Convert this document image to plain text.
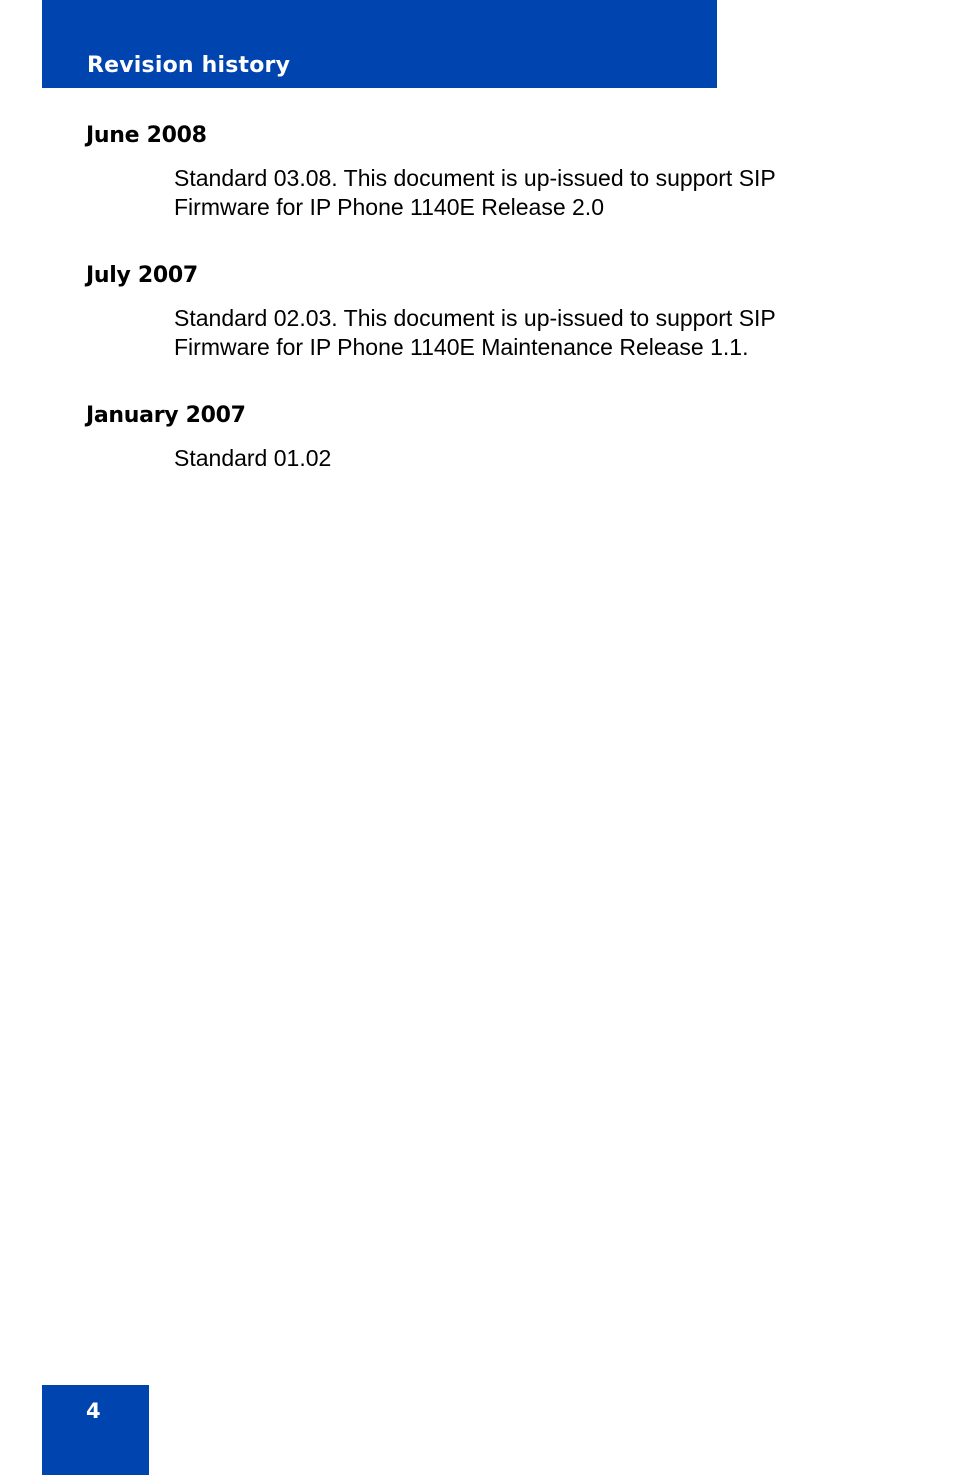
Revision history
June 2008

Standard 03.08. This document is up-issued to support SIP
Firmware for IP Phone 1140E Release 2.0

July 2007

Standard 02.03. This document is up-issued to support SIP
Firmware for IP Phone 1140E Maintenance Release 1.1.

January 2007

Standard 01.02

4
